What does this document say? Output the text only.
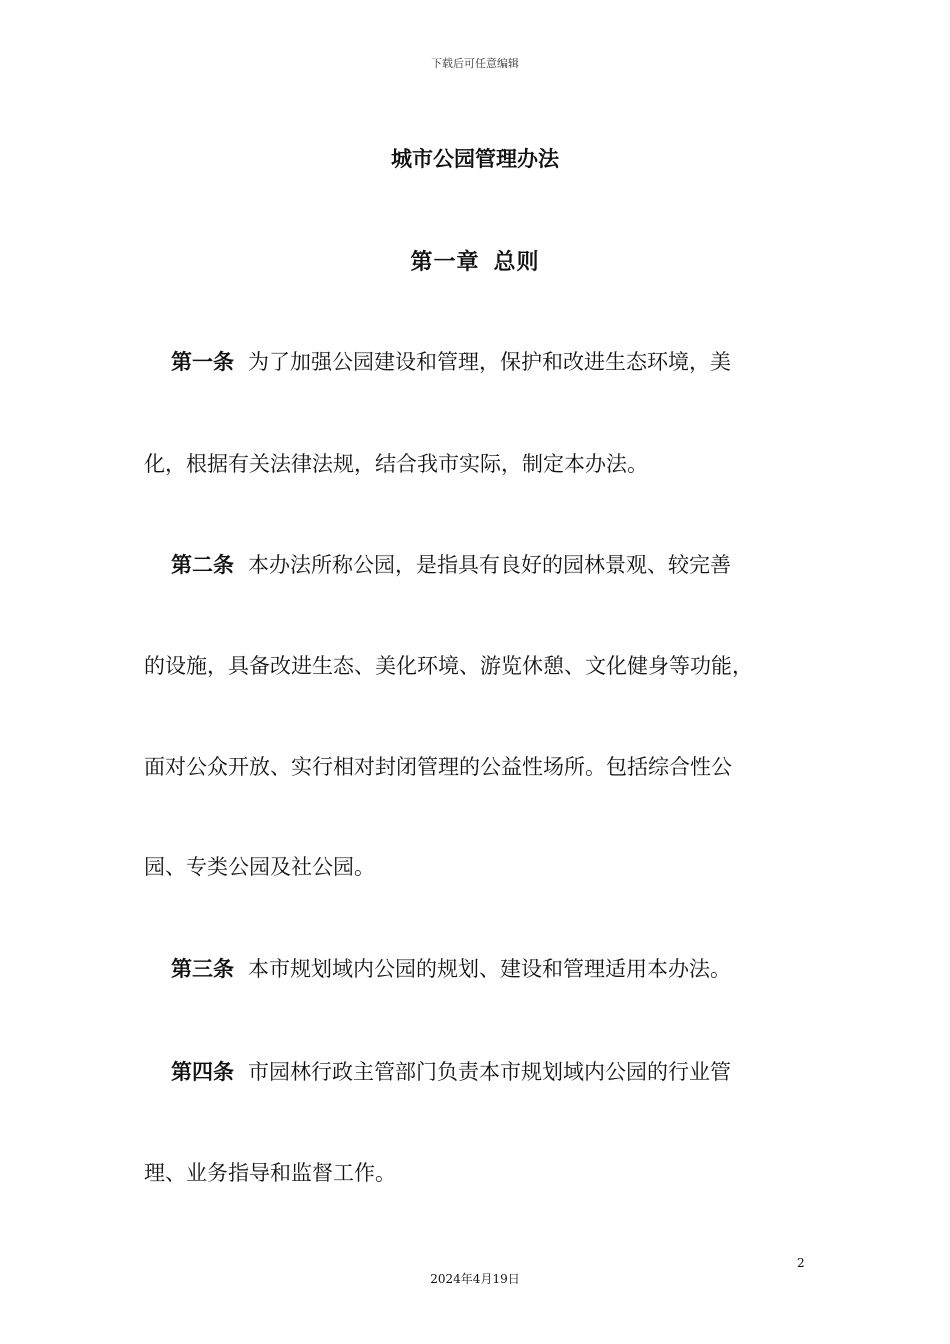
下载后可任意编辑
城市公园管理办法
第一章 总则

第一条 为了加强公园建设和管理，保护和改进生态环境，美

化，根据有关法律法规，结合我市实际，制定本办法。

第二条 本办法所称公园，是指具有良好的园林景观、较完善

的设施，具备改进生态、美化环境、游览休憩、文化健身等功能，

面对公众开放、实行相对封闭管理的公益性场所。包括综合性公

园、专类公园及社公园。

第三条 本市规划域内公园的规划、建设和管理适用本办法。

第四条 市园林行政主管部门负责本市规划域内公园的行业管

理、业务指导和监督工作。

2
2024年4月19日
